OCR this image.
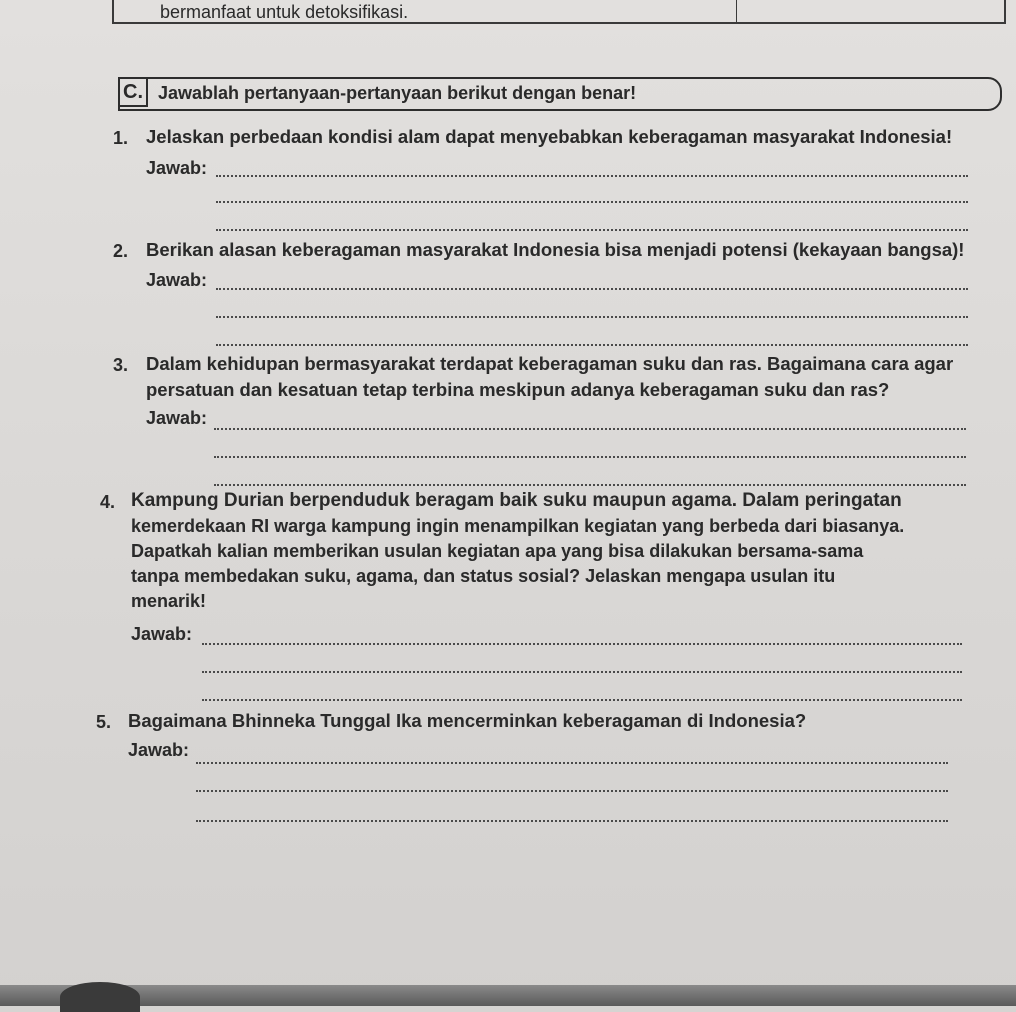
bermanfaat untuk detoksifikasi.
C. Jawablah pertanyaan-pertanyaan berikut dengan benar!
1. Jelaskan perbedaan kondisi alam dapat menyebabkan keberagaman masyarakat Indonesia!
Jawab:
2. Berikan alasan keberagaman masyarakat Indonesia bisa menjadi potensi (kekayaan bangsa)!
Jawab:
3. Dalam kehidupan bermasyarakat terdapat keberagaman suku dan ras. Bagaimana cara agar
persatuan dan kesatuan tetap terbina meskipun adanya keberagaman suku dan ras?
Jawab:
4. Kampung Durian berpenduduk beragam baik suku maupun agama. Dalam peringatan
kemerdekaan RI warga kampung ingin menampilkan kegiatan yang berbeda dari biasanya.
Dapatkah kalian memberikan usulan kegiatan apa yang bisa dilakukan bersama-sama
tanpa membedakan suku, agama, dan status sosial? Jelaskan mengapa usulan itu
menarik!
Jawab:
5. Bagaimana Bhinneka Tunggal Ika mencerminkan keberagaman di Indonesia?
Jawab:
